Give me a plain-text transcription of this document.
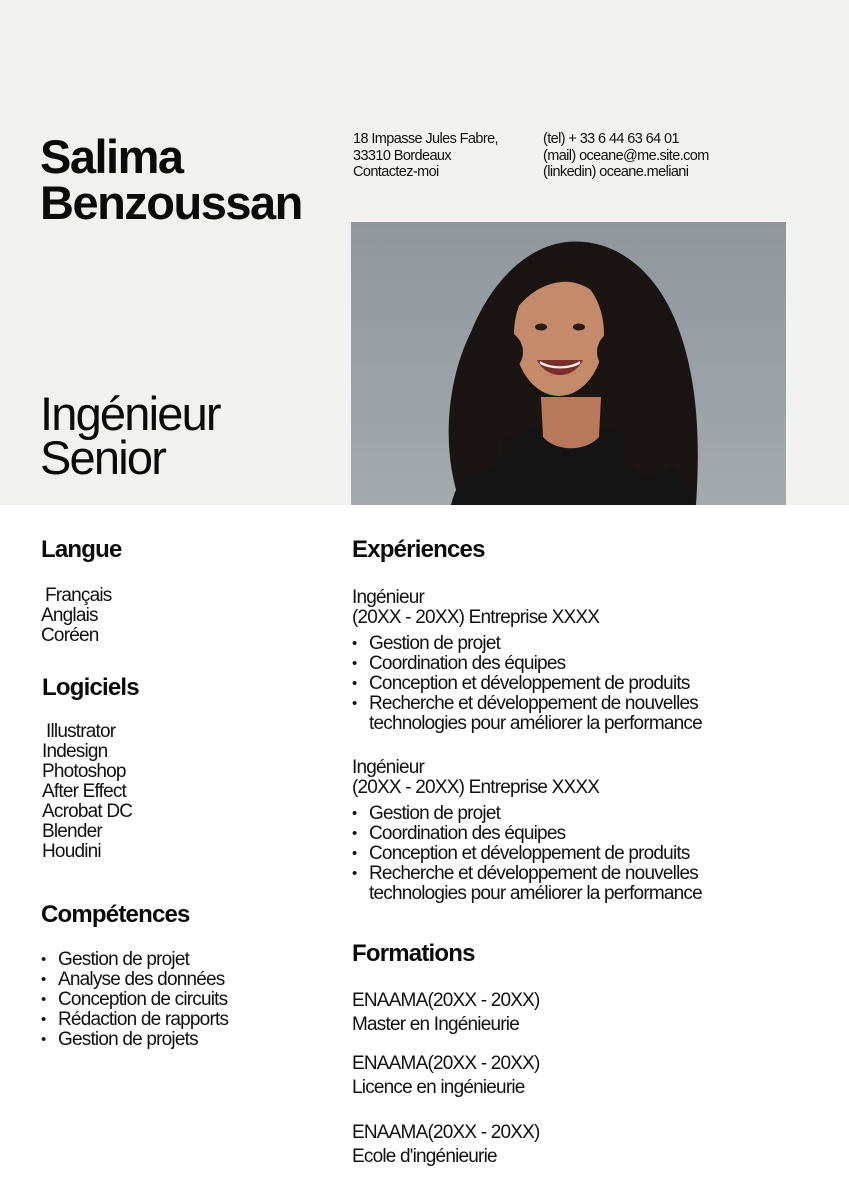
Salima
Benzoussan
18 Impasse Jules Fabre,
33310 Bordeaux
Contactez-moi
(tel) + 33 6 44 63 64 01
(mail) oceane@me.site.com
(linkedin) oceane.meliani
Ingénieur
Senior
Langue
Français
Anglais
Coréen
Logiciels
Illustrator
Indesign
Photoshop
After Effect
Acrobat DC
Blender
Houdini
Compétences
• Gestion de projet
• Analyse des données
• Conception de circuits
• Rédaction de rapports
• Gestion de projets
Expériences
Ingénieur
(20XX - 20XX) Entreprise XXXX
• Gestion de projet
• Coordination des équipes
• Conception et développement de produits
• Recherche et développement de nouvelles
technologies pour améliorer la performance
Ingénieur
(20XX - 20XX) Entreprise XXXX
• Gestion de projet
• Coordination des équipes
• Conception et développement de produits
• Recherche et développement de nouvelles
technologies pour améliorer la performance
Formations
ENAAMA(20XX - 20XX)
Master en Ingénieurie
ENAAMA(20XX - 20XX)
Licence en ingénieurie
ENAAMA(20XX - 20XX)
Ecole d'ingénieurie
